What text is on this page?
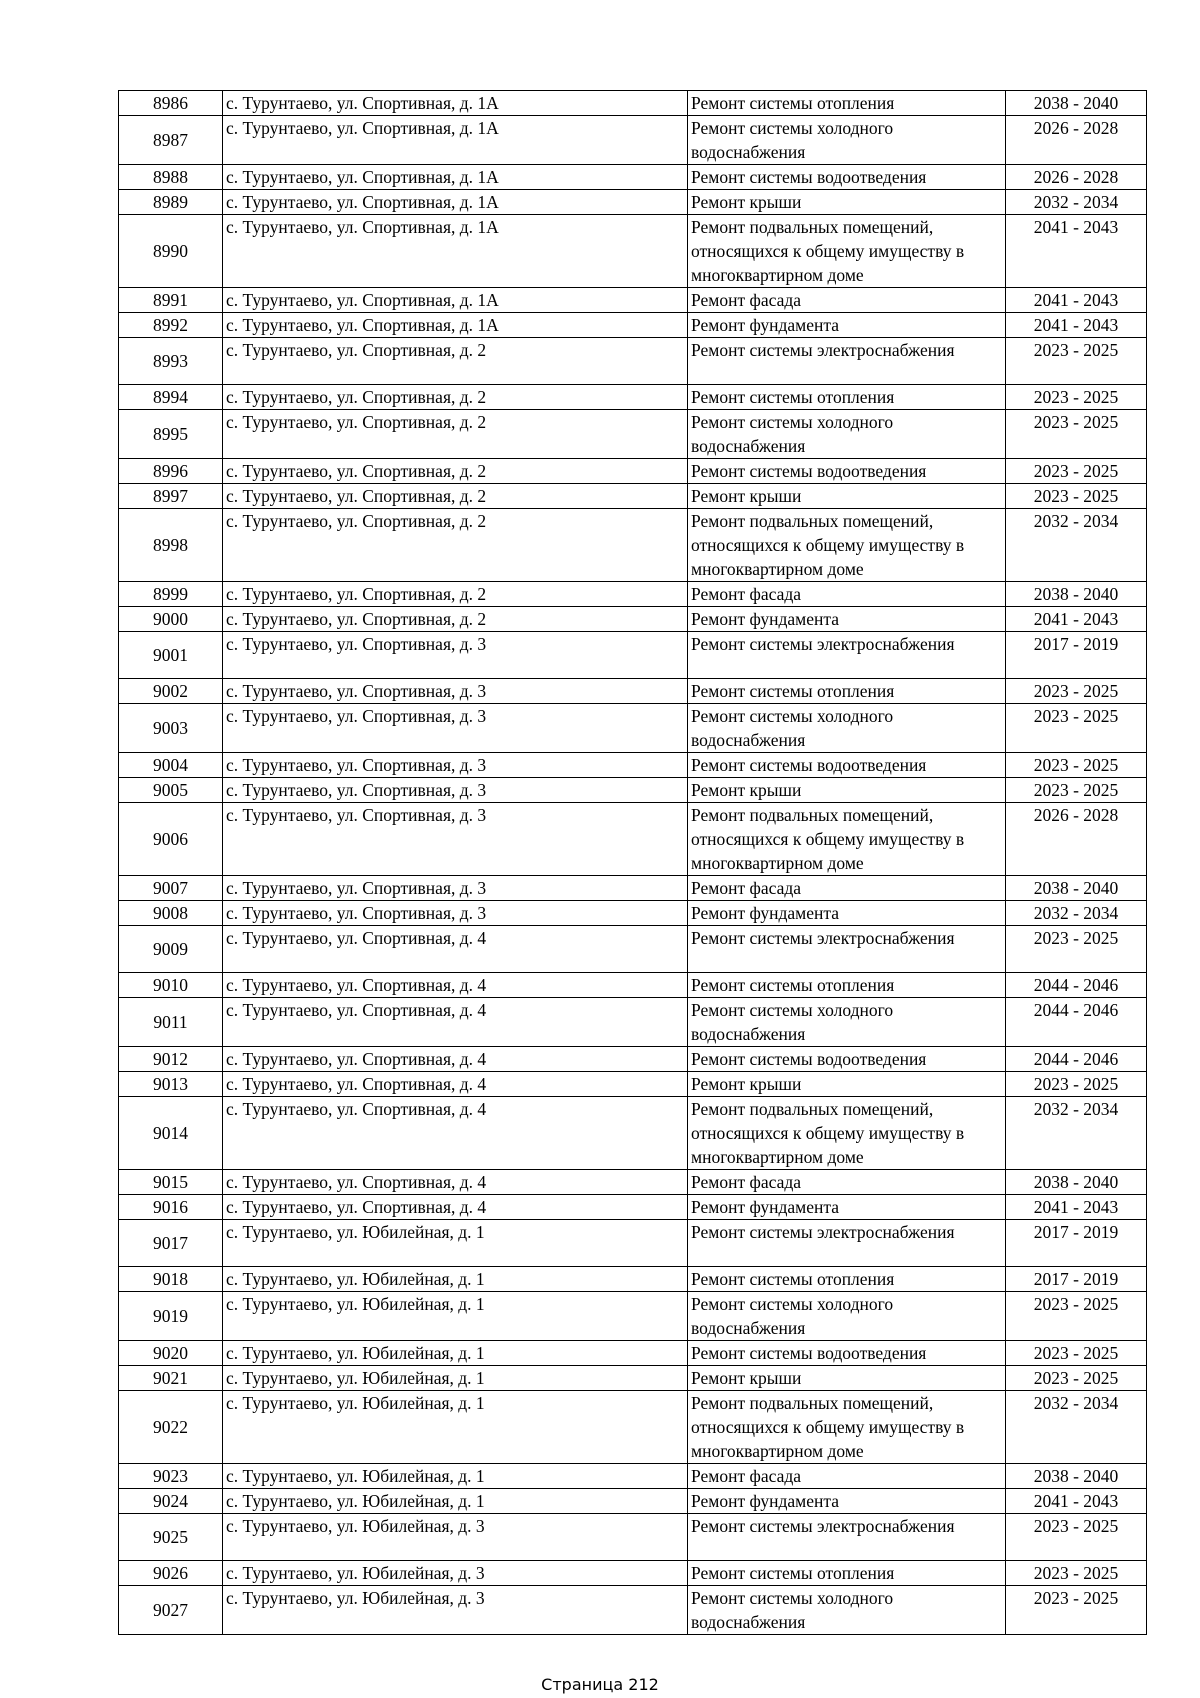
8986	с. Турунтаево, ул. Спортивная, д. 1А	Ремонт системы отопления	2038 - 2040
8987	с. Турунтаево, ул. Спортивная, д. 1А	Ремонт системы холодного водоснабжения	2026 - 2028
8988	с. Турунтаево, ул. Спортивная, д. 1А	Ремонт системы водоотведения	2026 - 2028
8989	с. Турунтаево, ул. Спортивная, д. 1А	Ремонт крыши	2032 - 2034
8990	с. Турунтаево, ул. Спортивная, д. 1А	Ремонт подвальных помещений, относящихся к общему имуществу в многоквартирном доме	2041 - 2043
8991	с. Турунтаево, ул. Спортивная, д. 1А	Ремонт фасада	2041 - 2043
8992	с. Турунтаево, ул. Спортивная, д. 1А	Ремонт фундамента	2041 - 2043
8993	с. Турунтаево, ул. Спортивная, д. 2	Ремонт системы электроснабжения	2023 - 2025
8994	с. Турунтаево, ул. Спортивная, д. 2	Ремонт системы отопления	2023 - 2025
8995	с. Турунтаево, ул. Спортивная, д. 2	Ремонт системы холодного водоснабжения	2023 - 2025
8996	с. Турунтаево, ул. Спортивная, д. 2	Ремонт системы водоотведения	2023 - 2025
8997	с. Турунтаево, ул. Спортивная, д. 2	Ремонт крыши	2023 - 2025
8998	с. Турунтаево, ул. Спортивная, д. 2	Ремонт подвальных помещений, относящихся к общему имуществу в многоквартирном доме	2032 - 2034
8999	с. Турунтаево, ул. Спортивная, д. 2	Ремонт фасада	2038 - 2040
9000	с. Турунтаево, ул. Спортивная, д. 2	Ремонт фундамента	2041 - 2043
9001	с. Турунтаево, ул. Спортивная, д. 3	Ремонт системы электроснабжения	2017 - 2019
9002	с. Турунтаево, ул. Спортивная, д. 3	Ремонт системы отопления	2023 - 2025
9003	с. Турунтаево, ул. Спортивная, д. 3	Ремонт системы холодного водоснабжения	2023 - 2025
9004	с. Турунтаево, ул. Спортивная, д. 3	Ремонт системы водоотведения	2023 - 2025
9005	с. Турунтаево, ул. Спортивная, д. 3	Ремонт крыши	2023 - 2025
9006	с. Турунтаево, ул. Спортивная, д. 3	Ремонт подвальных помещений, относящихся к общему имуществу в многоквартирном доме	2026 - 2028
9007	с. Турунтаево, ул. Спортивная, д. 3	Ремонт фасада	2038 - 2040
9008	с. Турунтаево, ул. Спортивная, д. 3	Ремонт фундамента	2032 - 2034
9009	с. Турунтаево, ул. Спортивная, д. 4	Ремонт системы электроснабжения	2023 - 2025
9010	с. Турунтаево, ул. Спортивная, д. 4	Ремонт системы отопления	2044 - 2046
9011	с. Турунтаево, ул. Спортивная, д. 4	Ремонт системы холодного водоснабжения	2044 - 2046
9012	с. Турунтаево, ул. Спортивная, д. 4	Ремонт системы водоотведения	2044 - 2046
9013	с. Турунтаево, ул. Спортивная, д. 4	Ремонт крыши	2023 - 2025
9014	с. Турунтаево, ул. Спортивная, д. 4	Ремонт подвальных помещений, относящихся к общему имуществу в многоквартирном доме	2032 - 2034
9015	с. Турунтаево, ул. Спортивная, д. 4	Ремонт фасада	2038 - 2040
9016	с. Турунтаево, ул. Спортивная, д. 4	Ремонт фундамента	2041 - 2043
9017	с. Турунтаево, ул. Юбилейная, д. 1	Ремонт системы электроснабжения	2017 - 2019
9018	с. Турунтаево, ул. Юбилейная, д. 1	Ремонт системы отопления	2017 - 2019
9019	с. Турунтаево, ул. Юбилейная, д. 1	Ремонт системы холодного водоснабжения	2023 - 2025
9020	с. Турунтаево, ул. Юбилейная, д. 1	Ремонт системы водоотведения	2023 - 2025
9021	с. Турунтаево, ул. Юбилейная, д. 1	Ремонт крыши	2023 - 2025
9022	с. Турунтаево, ул. Юбилейная, д. 1	Ремонт подвальных помещений, относящихся к общему имуществу в многоквартирном доме	2032 - 2034
9023	с. Турунтаево, ул. Юбилейная, д. 1	Ремонт фасада	2038 - 2040
9024	с. Турунтаево, ул. Юбилейная, д. 1	Ремонт фундамента	2041 - 2043
9025	с. Турунтаево, ул. Юбилейная, д. 3	Ремонт системы электроснабжения	2023 - 2025
9026	с. Турунтаево, ул. Юбилейная, д. 3	Ремонт системы отопления	2023 - 2025
9027	с. Турунтаево, ул. Юбилейная, д. 3	Ремонт системы холодного водоснабжения	2023 - 2025
Страница 212
